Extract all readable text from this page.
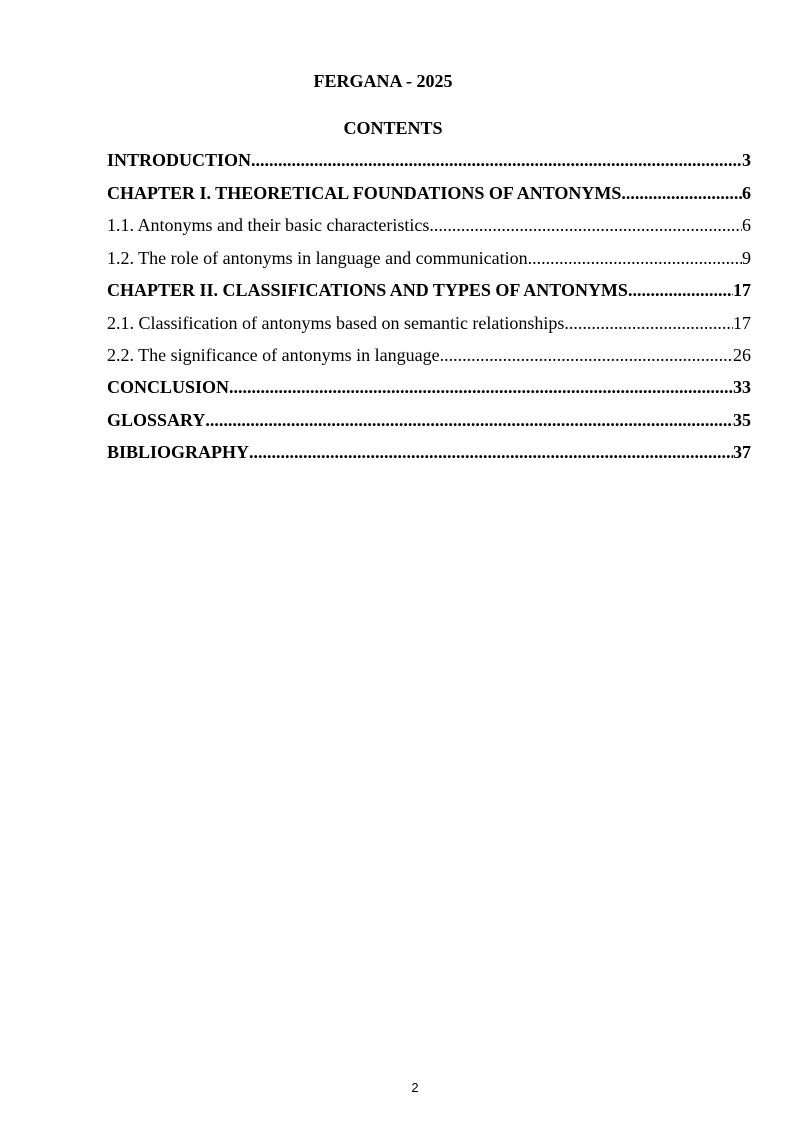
FERGANA - 2025
CONTENTS
INTRODUCTION .....	3
CHAPTER I. THEORETICAL FOUNDATIONS OF ANTONYMS .....	6
1.1. Antonyms and their basic characteristics .....	6
1.2. The role of antonyms in language and communication .....	9
CHAPTER II. CLASSIFICATIONS AND TYPES OF ANTONYMS .....	17
2.1. Classification of antonyms based on semantic relationships .....	17
2.2. The significance of antonyms in language .....	26
CONCLUSION .....	33
GLOSSARY .....	35
BIBLIOGRAPHY .....	37
2
